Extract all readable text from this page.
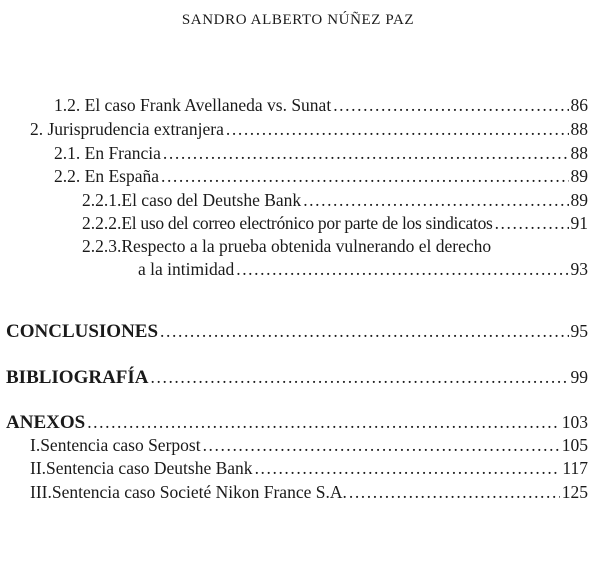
SANDRO ALBERTO NÚÑEZ PAZ
1.2. El caso Frank Avellaneda vs. Sunat .....	86
2. Jurisprudencia extranjera .....	88
2.1. En Francia .....	88
2.2. En España .....	89
2.2.1. El caso del Deutshe Bank .....	89
2.2.2. El uso del correo electrónico por parte de los sindicatos .....	91
2.2.3.Respecto a la prueba obtenida vulnerando el derecho
a la intimidad .....	93
CONCLUSIONES .....	95
BIBLIOGRAFÍA .....	99
ANEXOS .....	103
I. Sentencia caso Serpost .....	105
II. Sentencia caso Deutshe Bank .....	117
III. Sentencia caso Societé Nikon France S.A. .....	125
